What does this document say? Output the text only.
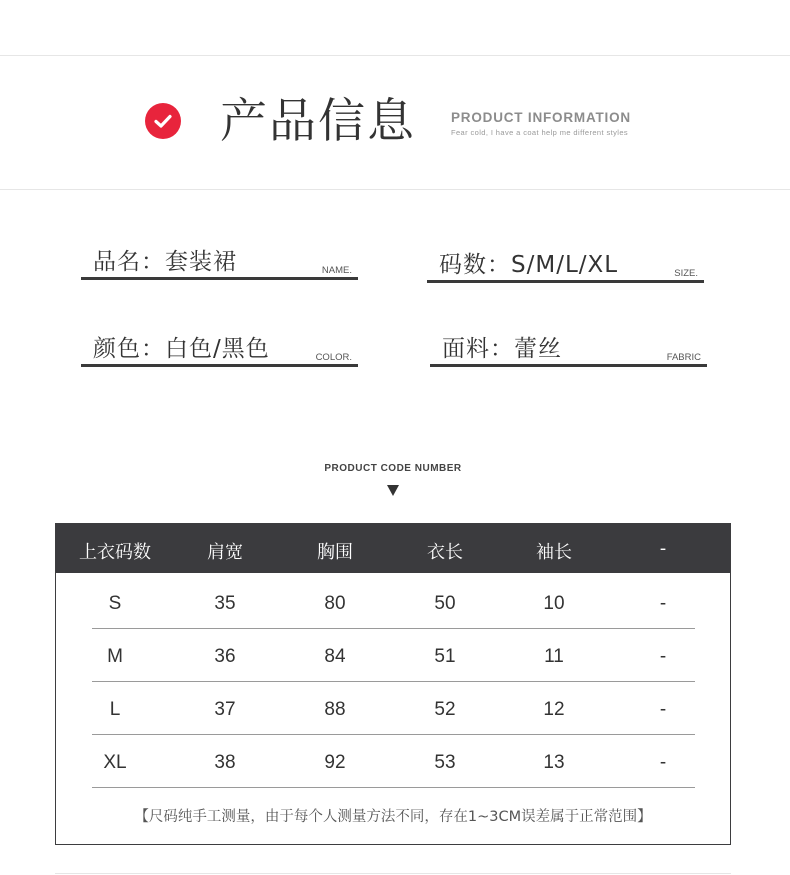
产品信息	PRODUCT INFORMATION
Fear cold, I have a coat help me different styles
品名：套装裙	NAME.	码数：S/M/L/XL	SIZE.
颜色：白色/黑色	COLOR.	面料：蕾丝	FABRIC
PRODUCT CODE NUMBER
上衣码数	肩宽	胸围	衣长	袖长	-
S	35	80	50	10	-
M	36	84	51	11	-
L	37	88	52	12	-
XL	38	92	53	13	-
【尺码纯手工测量，由于每个人测量方法不同，存在1~3CM误差属于正常范围】
